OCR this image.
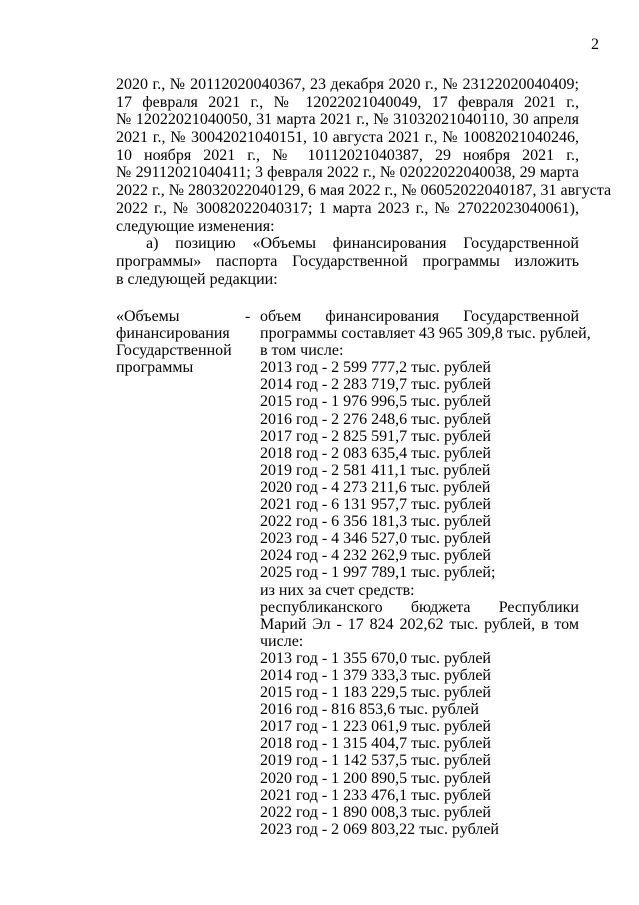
2
2020 г., № 20112020040367, 23 декабря 2020 г., № 23122020040409;
17 февраля 2021 г., № 12022021040049, 17 февраля 2021 г.,
№ 12022021040050, 31 марта 2021 г., № 31032021040110, 30 апреля
2021 г., № 30042021040151, 10 августа 2021 г., № 10082021040246,
10 ноября 2021 г., № 10112021040387, 29 ноября 2021 г.,
№ 29112021040411; 3 февраля 2022 г., № 02022022040038, 29 марта
2022 г., № 28032022040129, 6 мая 2022 г., № 06052022040187, 31 августа
2022 г., № 30082022040317; 1 марта 2023 г., № 27022023040061),
следующие изменения:
а) позицию «Объемы финансирования Государственной
программы» паспорта Государственной программы изложить
в следующей редакции:
«Объемы
финансирования
Государственной
программы
- объем финансирования Государственной
программы составляет 43 965 309,8 тыс. рублей,
в том числе:
2013 год - 2 599 777,2 тыс. рублей
2014 год - 2 283 719,7 тыс. рублей
2015 год - 1 976 996,5 тыс. рублей
2016 год - 2 276 248,6 тыс. рублей
2017 год - 2 825 591,7 тыс. рублей
2018 год - 2 083 635,4 тыс. рублей
2019 год - 2 581 411,1 тыс. рублей
2020 год - 4 273 211,6 тыс. рублей
2021 год - 6 131 957,7 тыс. рублей
2022 год - 6 356 181,3 тыс. рублей
2023 год - 4 346 527,0 тыс. рублей
2024 год - 4 232 262,9 тыс. рублей
2025 год - 1 997 789,1 тыс. рублей;
из них за счет средств:
республиканского бюджета Республики
Марий Эл - 17 824 202,62 тыс. рублей, в том
числе:
2013 год - 1 355 670,0 тыс. рублей
2014 год - 1 379 333,3 тыс. рублей
2015 год - 1 183 229,5 тыс. рублей
2016 год - 816 853,6 тыс. рублей
2017 год - 1 223 061,9 тыс. рублей
2018 год - 1 315 404,7 тыс. рублей
2019 год - 1 142 537,5 тыс. рублей
2020 год - 1 200 890,5 тыс. рублей
2021 год - 1 233 476,1 тыс. рублей
2022 год - 1 890 008,3 тыс. рублей
2023 год - 2 069 803,22 тыс. рублей
